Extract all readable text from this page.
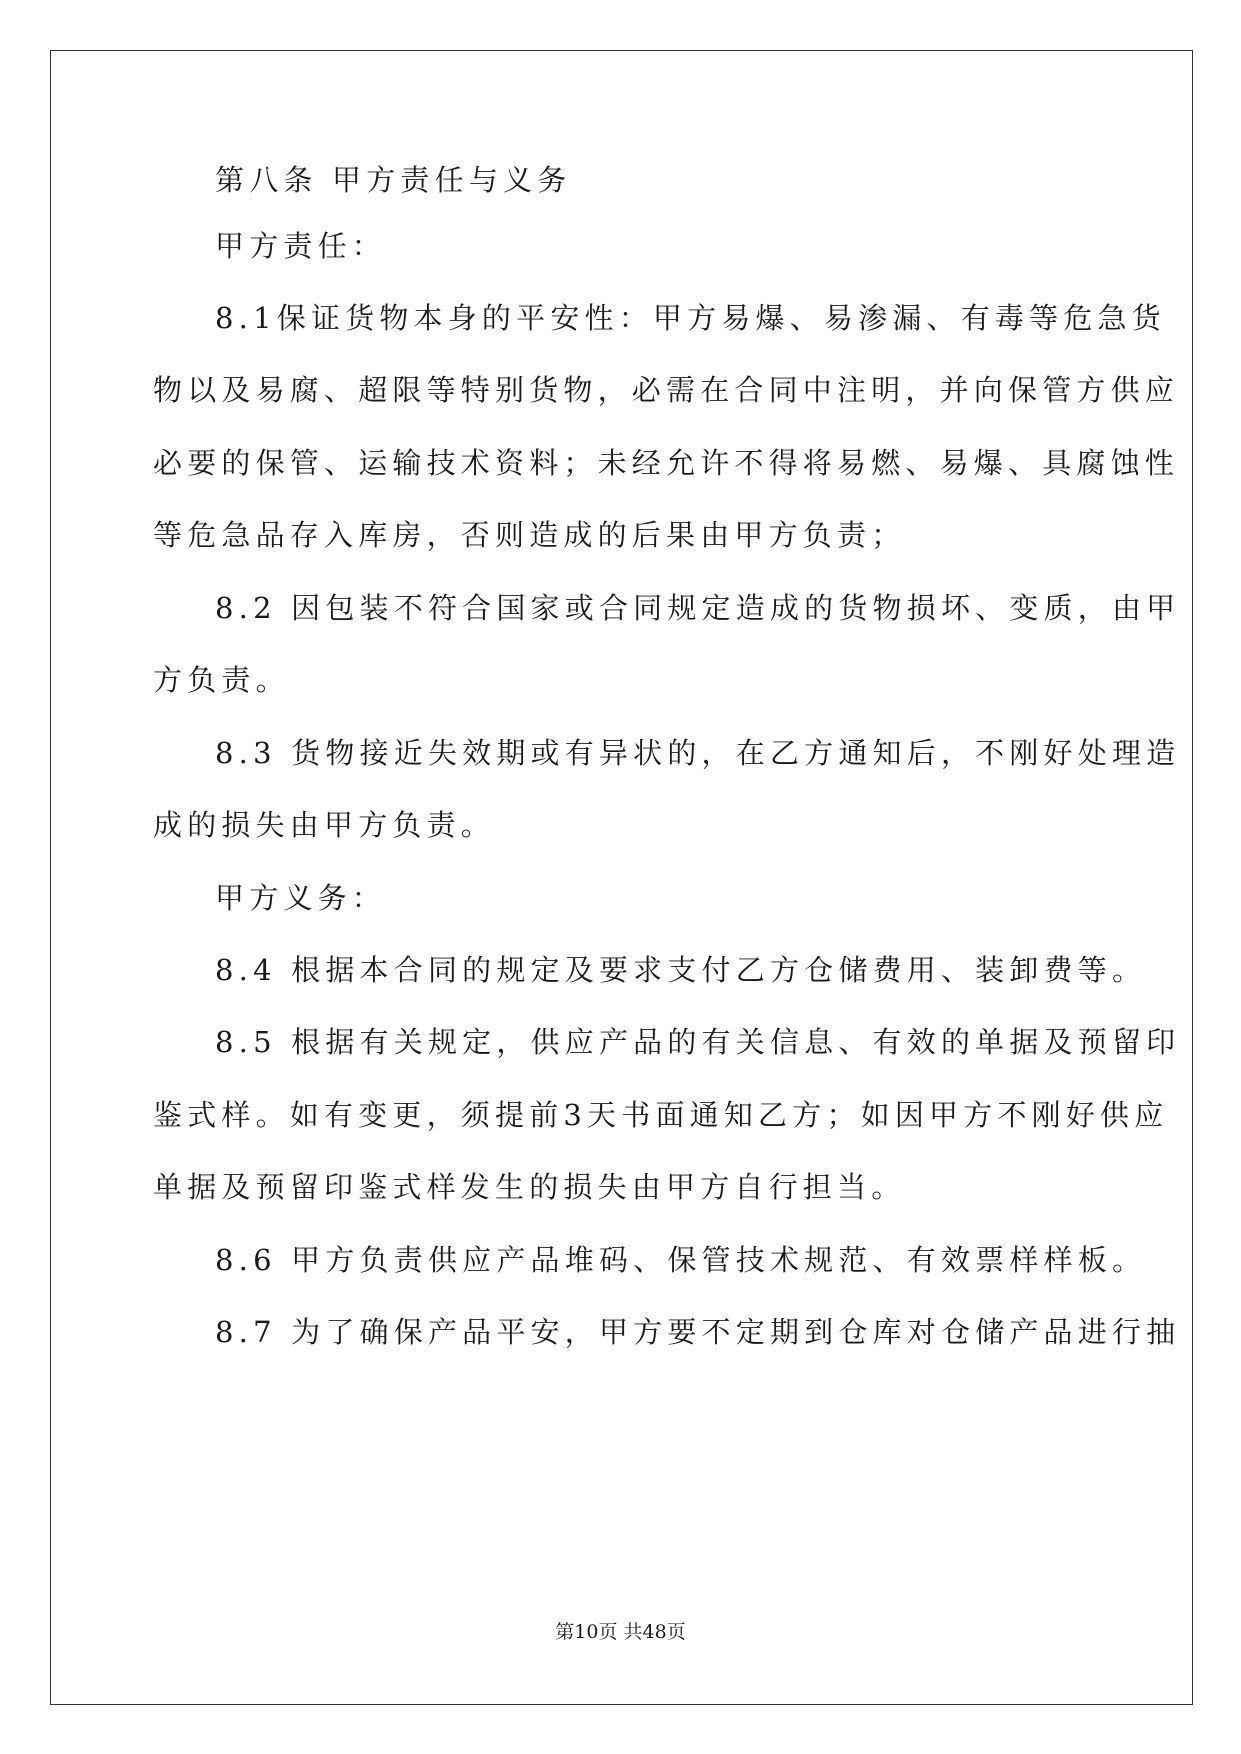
第八条 甲方责任与义务
甲方责任：
8.1保证货物本身的平安性：甲方易爆、易渗漏、有毒等危急货
物以及易腐、超限等特别货物，必需在合同中注明，并向保管方供应
必要的保管、运输技术资料；未经允许不得将易燃、易爆、具腐蚀性
等危急品存入库房，否则造成的后果由甲方负责；
8.2 因包装不符合国家或合同规定造成的货物损坏、变质，由甲
方负责。
8.3 货物接近失效期或有异状的，在乙方通知后，不刚好处理造
成的损失由甲方负责。
甲方义务：
8.4 根据本合同的规定及要求支付乙方仓储费用、装卸费等。
8.5 根据有关规定，供应产品的有关信息、有效的单据及预留印
鉴式样。如有变更，须提前3天书面通知乙方；如因甲方不刚好供应
单据及预留印鉴式样发生的损失由甲方自行担当。
8.6 甲方负责供应产品堆码、保管技术规范、有效票样样板。
8.7 为了确保产品平安，甲方要不定期到仓库对仓储产品进行抽
第10页 共48页
